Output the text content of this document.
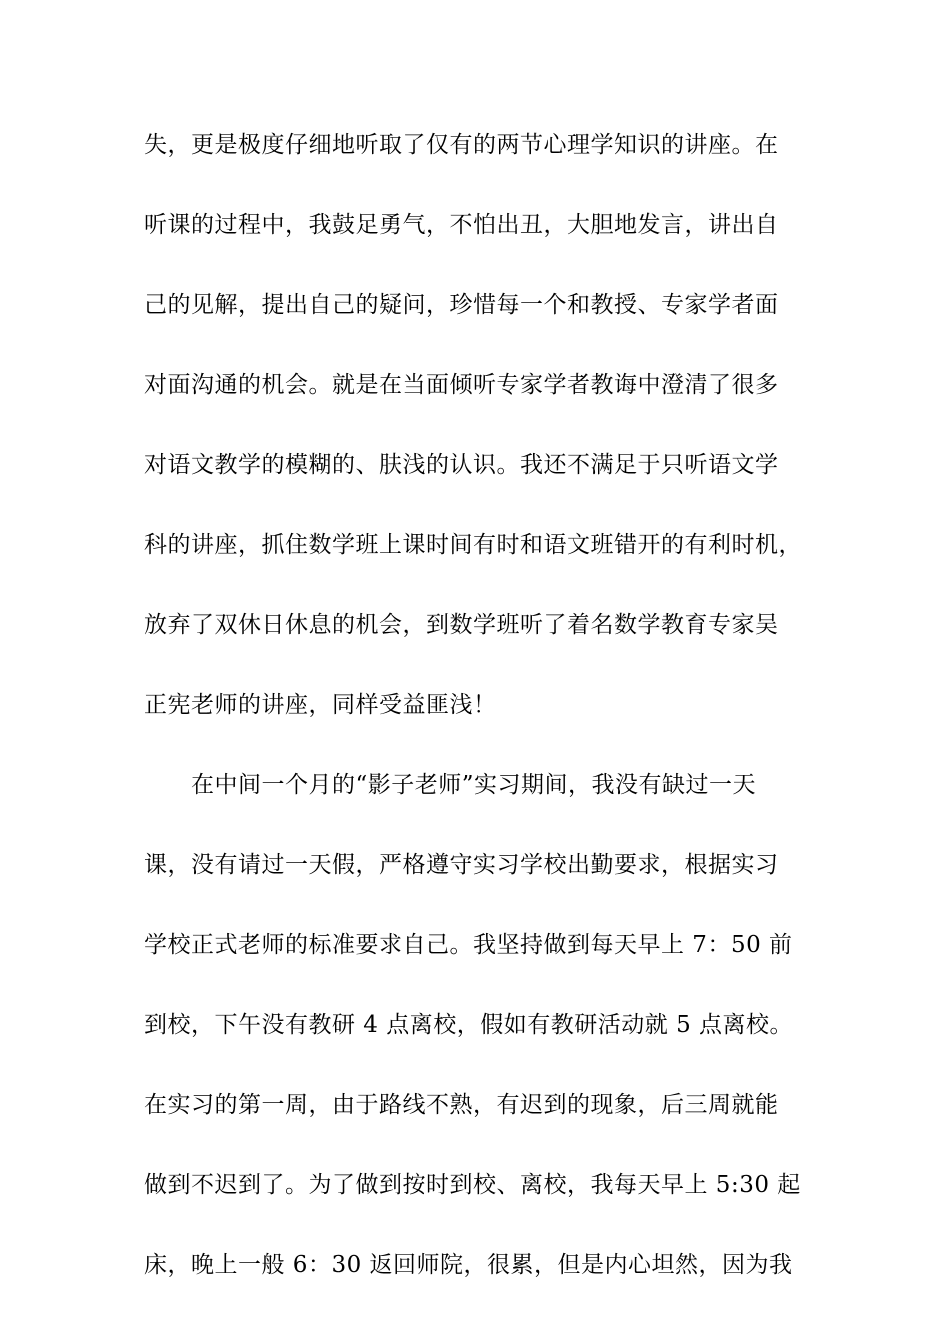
失，更是极度仔细地听取了仅有的两节心理学知识的讲座。在
听课的过程中，我鼓足勇气，不怕出丑，大胆地发言，讲出自
己的见解，提出自己的疑问，珍惜每一个和教授、专家学者面
对面沟通的机会。就是在当面倾听专家学者教诲中澄清了很多
对语文教学的模糊的、肤浅的认识。我还不满足于只听语文学
科的讲座，抓住数学班上课时间有时和语文班错开的有利时机，
放弃了双休日休息的机会，到数学班听了着名数学教育专家吴
正宪老师的讲座，同样受益匪浅！
在中间一个月的“影子老师”实习期间，我没有缺过一天
课，没有请过一天假，严格遵守实习学校出勤要求，根据实习
学校正式老师的标准要求自己。我坚持做到每天早上 7：50 前
到校，下午没有教研 4 点离校，假如有教研活动就 5 点离校。
在实习的第一周，由于路线不熟，有迟到的现象，后三周就能
做到不迟到了。为了做到按时到校、离校，我每天早上 5:30 起
床，晚上一般 6：30 返回师院，很累，但是内心坦然，因为我
